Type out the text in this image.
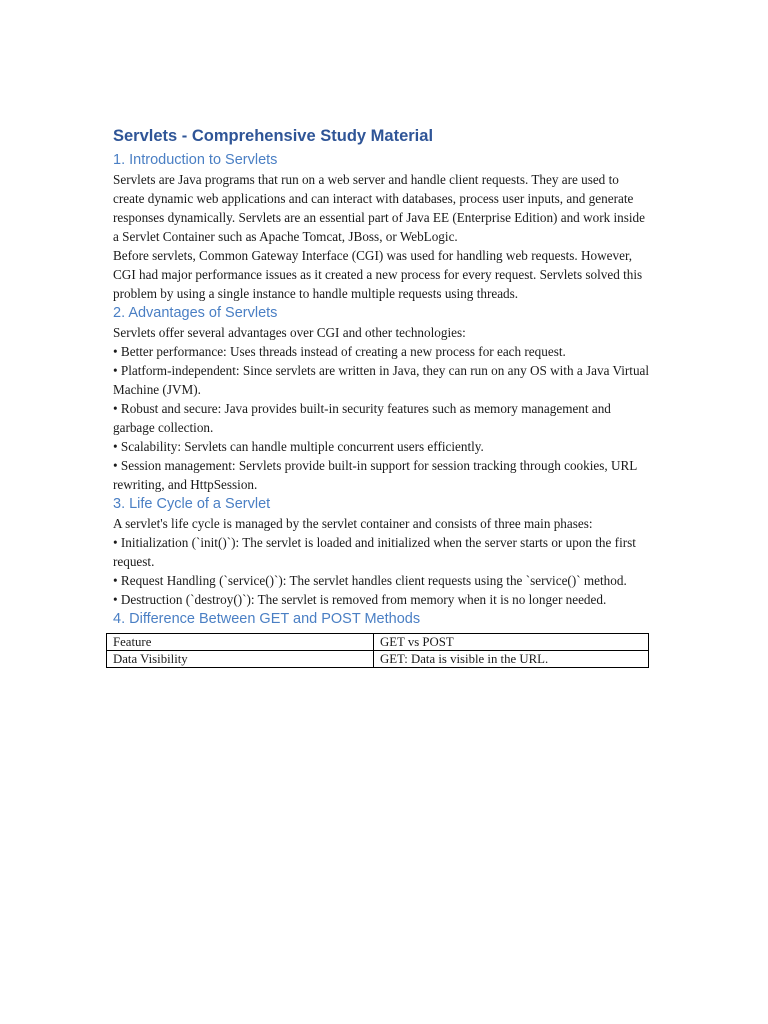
Servlets - Comprehensive Study Material
1. Introduction to Servlets

Servlets are Java programs that run on a web server and handle client requests. They are used to create dynamic web applications and can interact with databases, process user inputs, and generate responses dynamically. Servlets are an essential part of Java EE (Enterprise Edition) and work inside a Servlet Container such as Apache Tomcat, JBoss, or WebLogic.

Before servlets, Common Gateway Interface (CGI) was used for handling web requests. However, CGI had major performance issues as it created a new process for every request. Servlets solved this problem by using a single instance to handle multiple requests using threads.

2. Advantages of Servlets

Servlets offer several advantages over CGI and other technologies:

• Better performance: Uses threads instead of creating a new process for each request.

• Platform-independent: Since servlets are written in Java, they can run on any OS with a Java Virtual Machine (JVM).

• Robust and secure: Java provides built-in security features such as memory management and garbage collection.

• Scalability: Servlets can handle multiple concurrent users efficiently.

• Session management: Servlets provide built-in support for session tracking through cookies, URL rewriting, and HttpSession.

3. Life Cycle of a Servlet

A servlet's life cycle is managed by the servlet container and consists of three main phases:

• Initialization (`init()`): The servlet is loaded and initialized when the server starts or upon the first request.

• Request Handling (`service()`): The servlet handles client requests using the `service()` method.

• Destruction (`destroy()`): The servlet is removed from memory when it is no longer needed.

4. Difference Between GET and POST Methods
Feature	GET vs POST
Data Visibility	GET: Data is visible in the URL.
